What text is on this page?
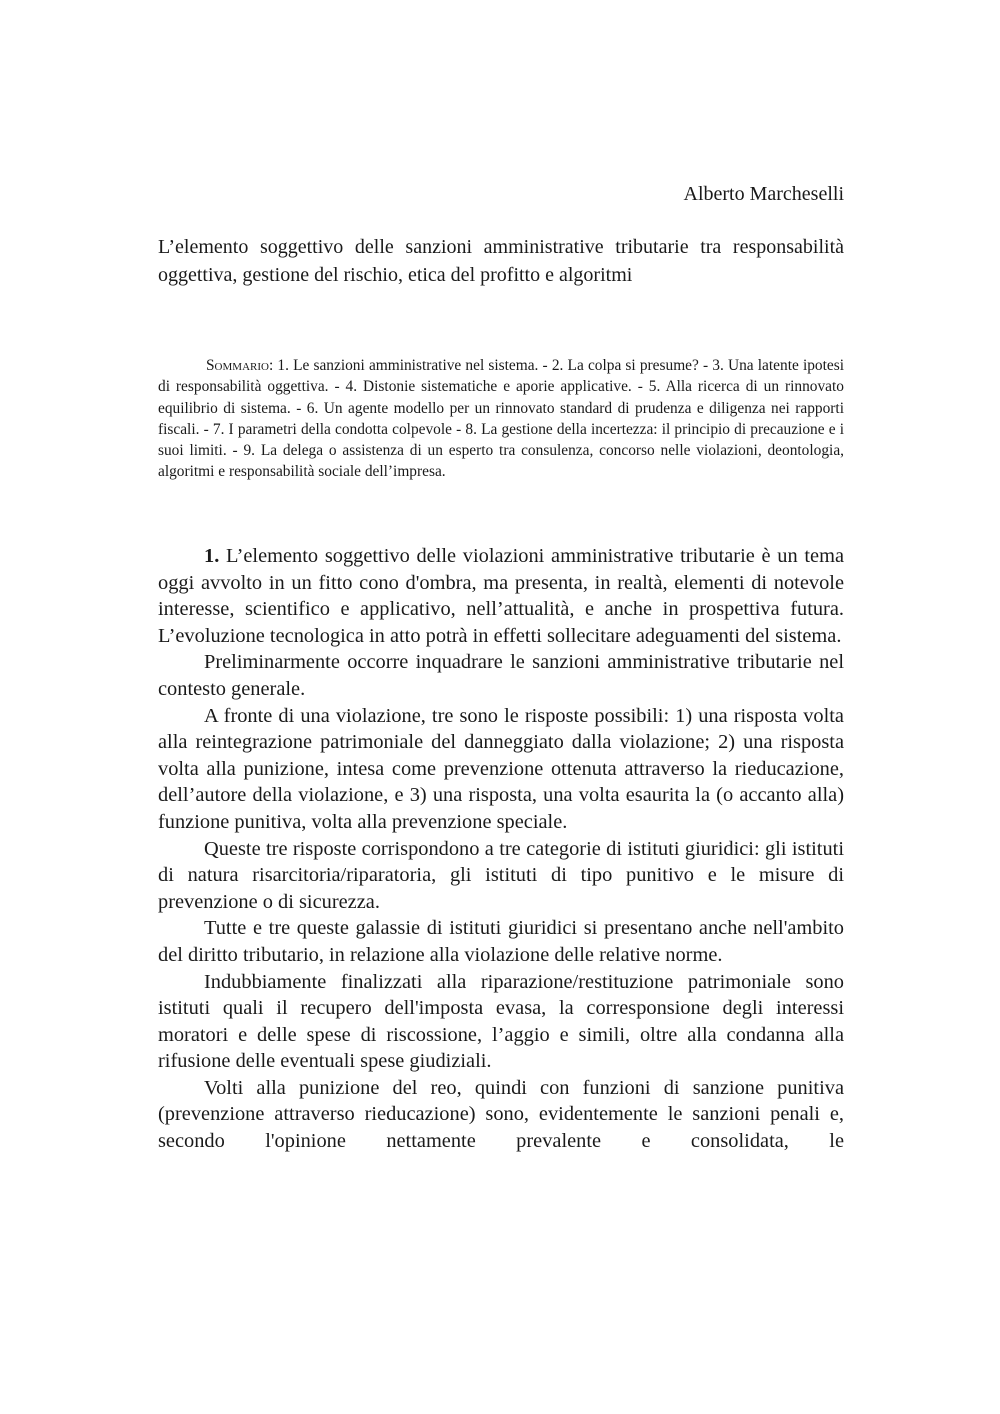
Alberto Marcheselli

L’elemento soggettivo delle sanzioni amministrative tributarie tra responsabilità oggettiva, gestione del rischio, etica del profitto e algoritmi

Sommario: 1. Le sanzioni amministrative nel sistema. - 2. La colpa si presume? - 3. Una latente ipotesi di responsabilità oggettiva. - 4. Distonie sistematiche e aporie applicative. - 5. Alla ricerca di un rinnovato equilibrio di sistema. - 6. Un agente modello per un rinnovato standard di prudenza e diligenza nei rapporti fiscali. - 7. I parametri della condotta colpevole - 8. La gestione della incertezza: il principio di precauzione e i suoi limiti. - 9. La delega o assistenza di un esperto tra consulenza, concorso nelle violazioni, deontologia, algoritmi e responsabilità sociale dell’impresa.

1. L’elemento soggettivo delle violazioni amministrative tributarie è un tema oggi avvolto in un fitto cono d'ombra, ma presenta, in realtà, elementi di notevole interesse, scientifico e applicativo, nell’attualità, e anche in prospettiva futura. L’evoluzione tecnologica in atto potrà in effetti sollecitare adeguamenti del sistema.

Preliminarmente occorre inquadrare le sanzioni amministrative tributarie nel contesto generale.

A fronte di una violazione, tre sono le risposte possibili: 1) una risposta volta alla reintegrazione patrimoniale del danneggiato dalla violazione; 2) una risposta volta alla punizione, intesa come prevenzione ottenuta attraverso la rieducazione, dell’autore della violazione, e 3) una risposta, una volta esaurita la (o accanto alla) funzione punitiva, volta alla prevenzione speciale.

Queste tre risposte corrispondono a tre categorie di istituti giuridici: gli istituti di natura risarcitoria/riparatoria, gli istituti di tipo punitivo e le misure di prevenzione o di sicurezza.

Tutte e tre queste galassie di istituti giuridici si presentano anche nell'ambito del diritto tributario, in relazione alla violazione delle relative norme.

Indubbiamente finalizzati alla riparazione/restituzione patrimoniale sono istituti quali il recupero dell'imposta evasa, la corresponsione degli interessi moratori e delle spese di riscossione, l’aggio e simili, oltre alla condanna alla rifusione delle eventuali spese giudiziali.

Volti alla punizione del reo, quindi con funzioni di sanzione punitiva (prevenzione attraverso rieducazione) sono, evidentemente le sanzioni penali e, secondo l'opinione nettamente prevalente e consolidata, le
